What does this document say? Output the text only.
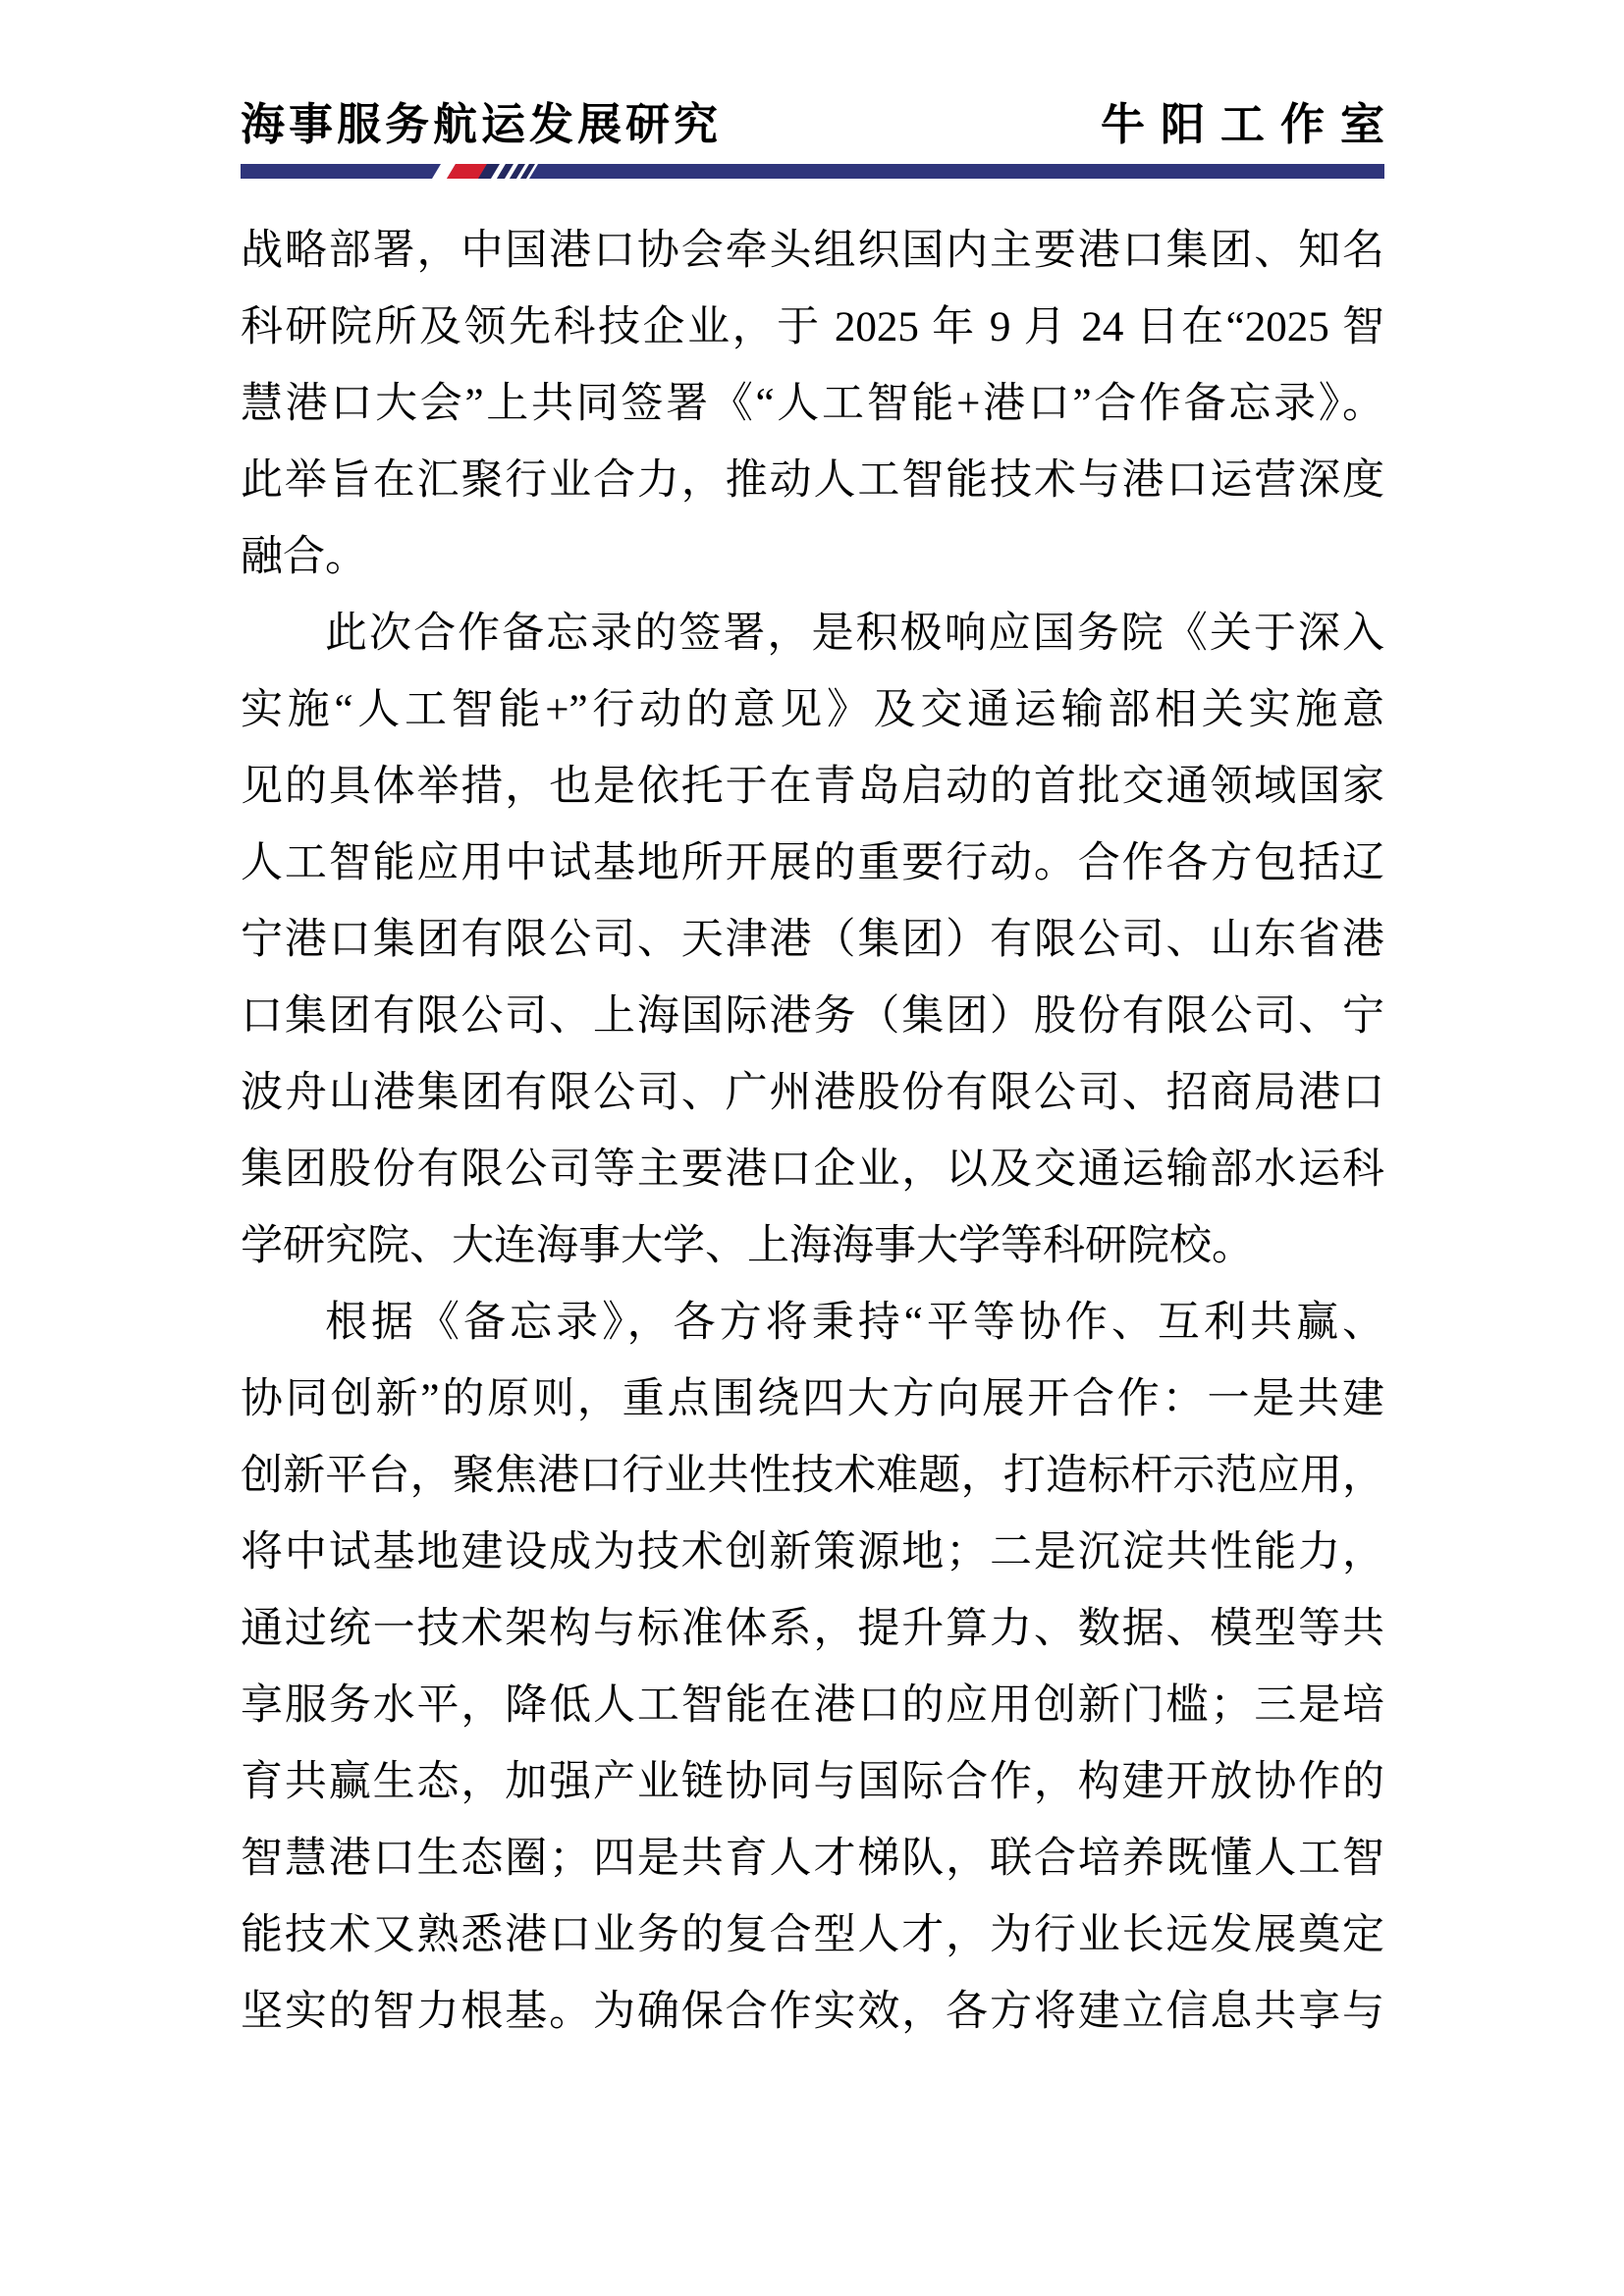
海事服务航运发展研究	牛阳工作室
战略部署，中国港口协会牵头组织国内主要港口集团、知名
科研院所及领先科技企业，于 2025 年 9 月 24 日在“2025 智
慧港口大会”上共同签署《“人工智能+港口”合作备忘录》。
此举旨在汇聚行业合力，推动人工智能技术与港口运营深度
融合。
此次合作备忘录的签署，是积极响应国务院《关于深入
实施“人工智能+”行动的意见》及交通运输部相关实施意
见的具体举措，也是依托于在青岛启动的首批交通领域国家
人工智能应用中试基地所开展的重要行动。合作各方包括辽
宁港口集团有限公司、天津港（集团）有限公司、山东省港
口集团有限公司、上海国际港务（集团）股份有限公司、宁
波舟山港集团有限公司、广州港股份有限公司、招商局港口
集团股份有限公司等主要港口企业，以及交通运输部水运科
学研究院、大连海事大学、上海海事大学等科研院校。
根据《备忘录》，各方将秉持“平等协作、互利共赢、
协同创新”的原则，重点围绕四大方向展开合作：一是共建
创新平台，聚焦港口行业共性技术难题，打造标杆示范应用，
将中试基地建设成为技术创新策源地；二是沉淀共性能力，
通过统一技术架构与标准体系，提升算力、数据、模型等共
享服务水平，降低人工智能在港口的应用创新门槛；三是培
育共赢生态，加强产业链协同与国际合作，构建开放协作的
智慧港口生态圈；四是共育人才梯队，联合培养既懂人工智
能技术又熟悉港口业务的复合型人才，为行业长远发展奠定
坚实的智力根基。为确保合作实效，各方将建立信息共享与
